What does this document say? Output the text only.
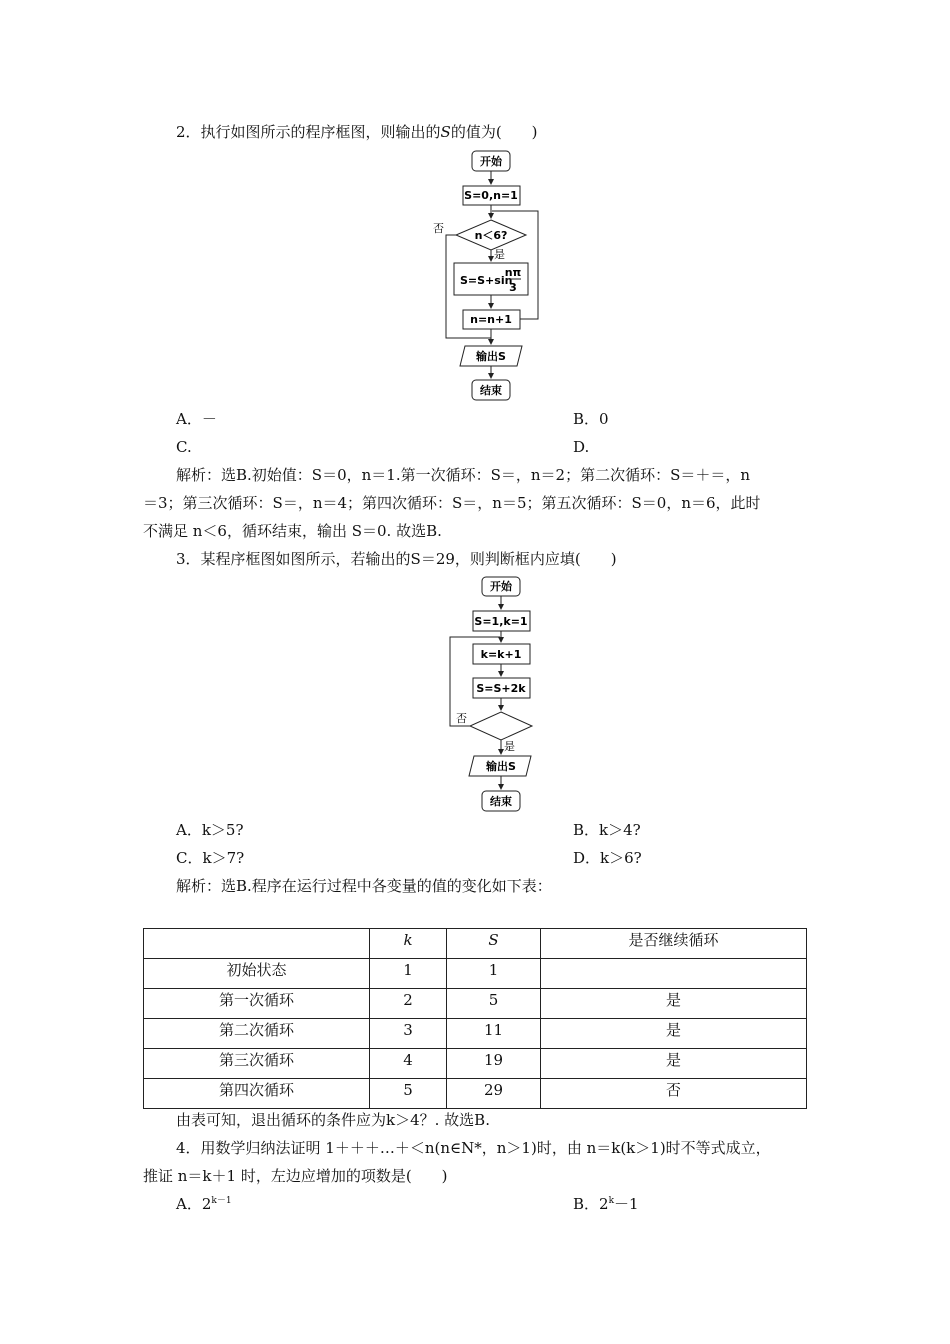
2．执行如图所示的程序框图，则输出的S的值为(　　)
开始
S=0,n=1
n＜6?
是
否
S=S+sin
nπ
3
n=n+1
输出S
结束
A．－	B．0
C.	D.
解析：选B.初始值：S＝0，n＝1.第一次循环：S＝，n＝2；第二次循环：S＝＋＝，n
＝3；第三次循环：S＝，n＝4；第四次循环：S＝，n＝5；第五次循环：S＝0，n＝6，此时
不满足 n＜6，循环结束，输出 S＝0. 故选B.
3．某程序框图如图所示，若输出的S＝29，则判断框内应填(　　)
开始
S=1,k=1
k=k+1
S=S+2k
是
否
输出S
结束
A．k＞5?	B．k＞4?
C．k＞7?	D．k＞6?
解析：选B.程序在运行过程中各变量的值的变化如下表：
	k	S	是否继续循环
初始状态	1	1	
第一次循环	2	5	是
第二次循环	3	11	是
第三次循环	4	19	是
第四次循环	5	29	否
由表可知，退出循环的条件应为k＞4？. 故选B.
4．用数学归纳法证明 1＋＋＋…＋＜n(n∈N*，n＞1)时，由 n＝k(k＞1)时不等式成立，
推证 n＝k＋1 时，左边应增加的项数是(　　)
A．$2^{k-1}$	B．$2^k-1$
